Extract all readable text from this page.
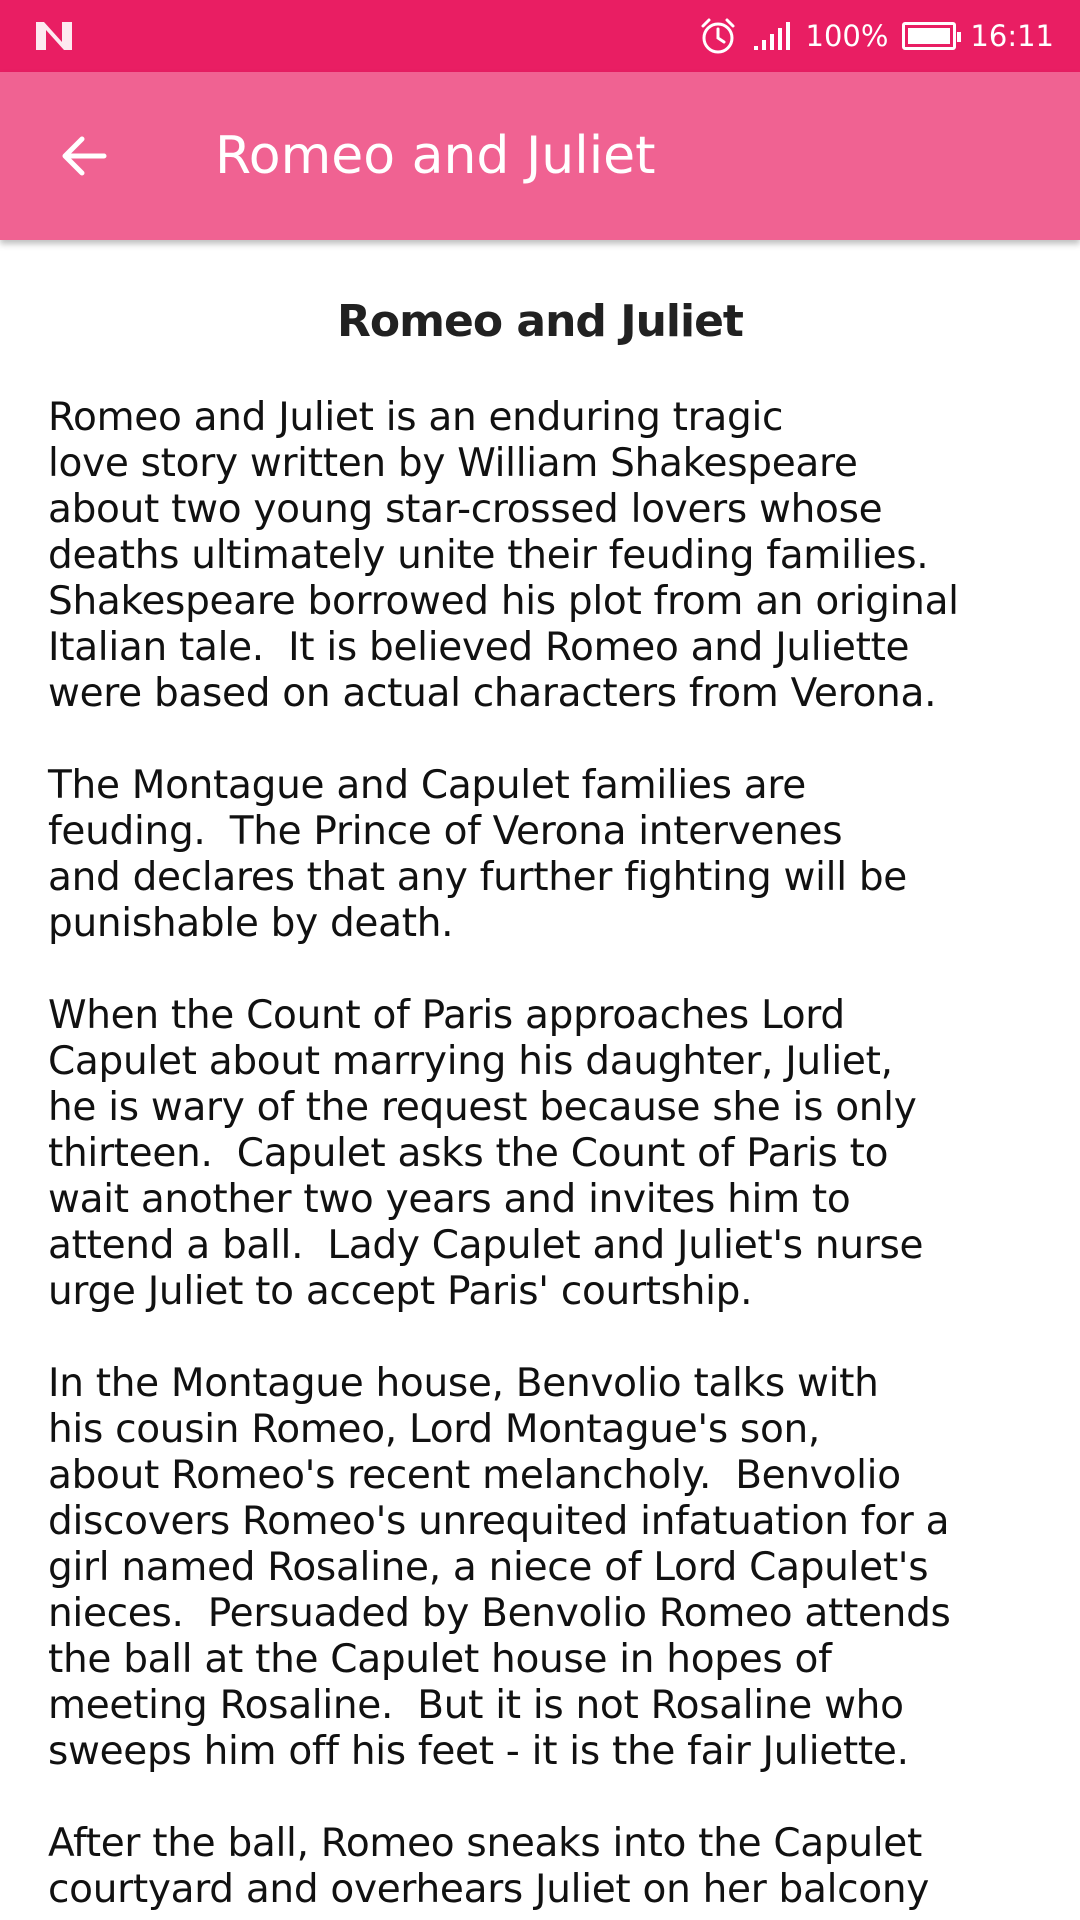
100%	16:11
Romeo and Juliet
Romeo and Juliet
Romeo and Juliet is an enduring tragic
love story written by William Shakespeare
about two young star-crossed lovers whose
deaths ultimately unite their feuding families.
Shakespeare borrowed his plot from an original
Italian tale.  It is believed Romeo and Juliette
were based on actual characters from Verona.
The Montague and Capulet families are
feuding.  The Prince of Verona intervenes
and declares that any further fighting will be
punishable by death.
When the Count of Paris approaches Lord
Capulet about marrying his daughter, Juliet,
he is wary of the request because she is only
thirteen.  Capulet asks the Count of Paris to
wait another two years and invites him to
attend a ball.  Lady Capulet and Juliet's nurse
urge Juliet to accept Paris' courtship.
In the Montague house, Benvolio talks with
his cousin Romeo, Lord Montague's son,
about Romeo's recent melancholy.  Benvolio
discovers Romeo's unrequited infatuation for a
girl named Rosaline, a niece of Lord Capulet's
nieces.  Persuaded by Benvolio Romeo attends
the ball at the Capulet house in hopes of
meeting Rosaline.  But it is not Rosaline who
sweeps him off his feet - it is the fair Juliette.
After the ball, Romeo sneaks into the Capulet
courtyard and overhears Juliet on her balcony
